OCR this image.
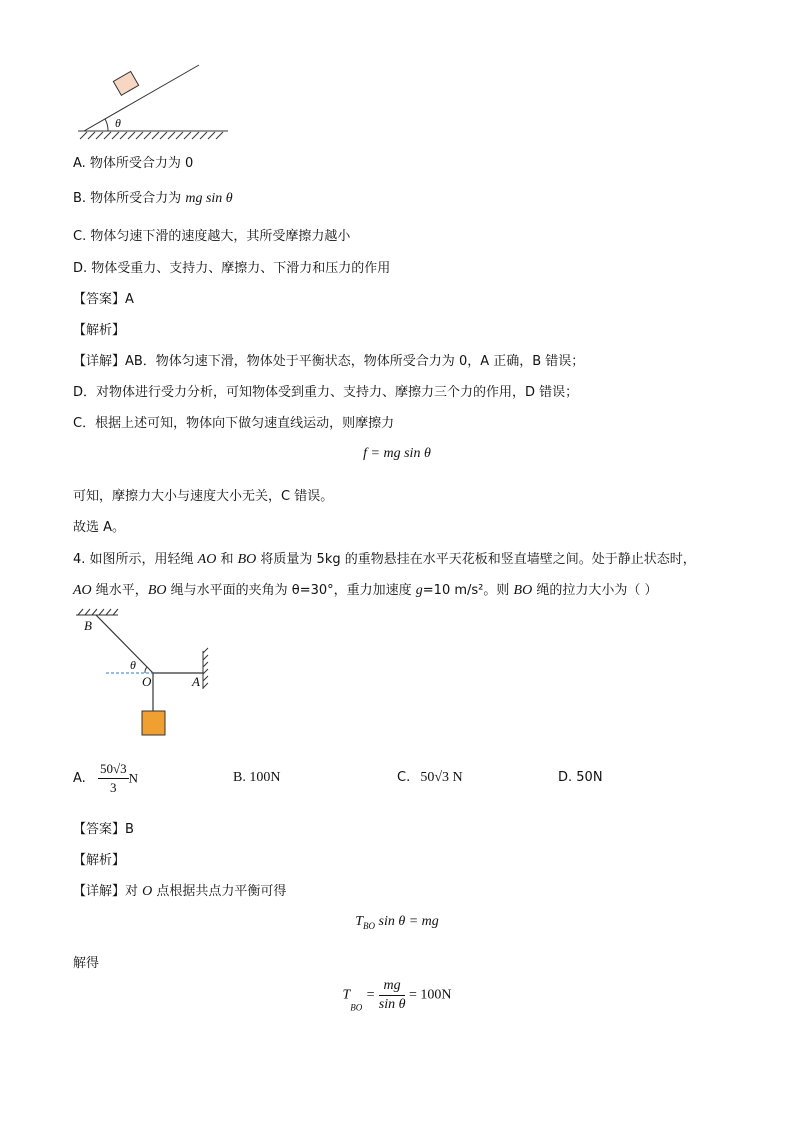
θ
A. 物体所受合力为 0
B. 物体所受合力为 mg sin θ
C. 物体匀速下滑的速度越大，其所受摩擦力越小
D. 物体受重力、支持力、摩擦力、下滑力和压力的作用
【答案】A
【解析】
【详解】AB．物体匀速下滑，物体处于平衡状态，物体所受合力为 0，A 正确，B 错误；
D．对物体进行受力分析，可知物体受到重力、支持力、摩擦力三个力的作用，D 错误；
C．根据上述可知，物体向下做匀速直线运动，则摩擦力
f = mg sin θ
可知，摩擦力大小与速度大小无关，C 错误。
故选 A。
4. 如图所示，用轻绳 AO 和 BO 将质量为 5kg 的重物悬挂在水平天花板和竖直墙壁之间。处于静止状态时，
AO 绳水平，BO 绳与水平面的夹角为 θ=30°，重力加速度 g=10 m/s²。则 BO 绳的拉力大小为（ ）
B
θ
O	A
A. $\frac{50√3}{3}$ N	B. 100N	C. 50√3 N	D. 50N
【答案】B
【解析】
【详解】对 O 点根据共点力平衡可得
$T_{BO}$ sin θ = mg
解得
$T_{BO} = \frac{mg}{\text{sin θ}} = 100N$
